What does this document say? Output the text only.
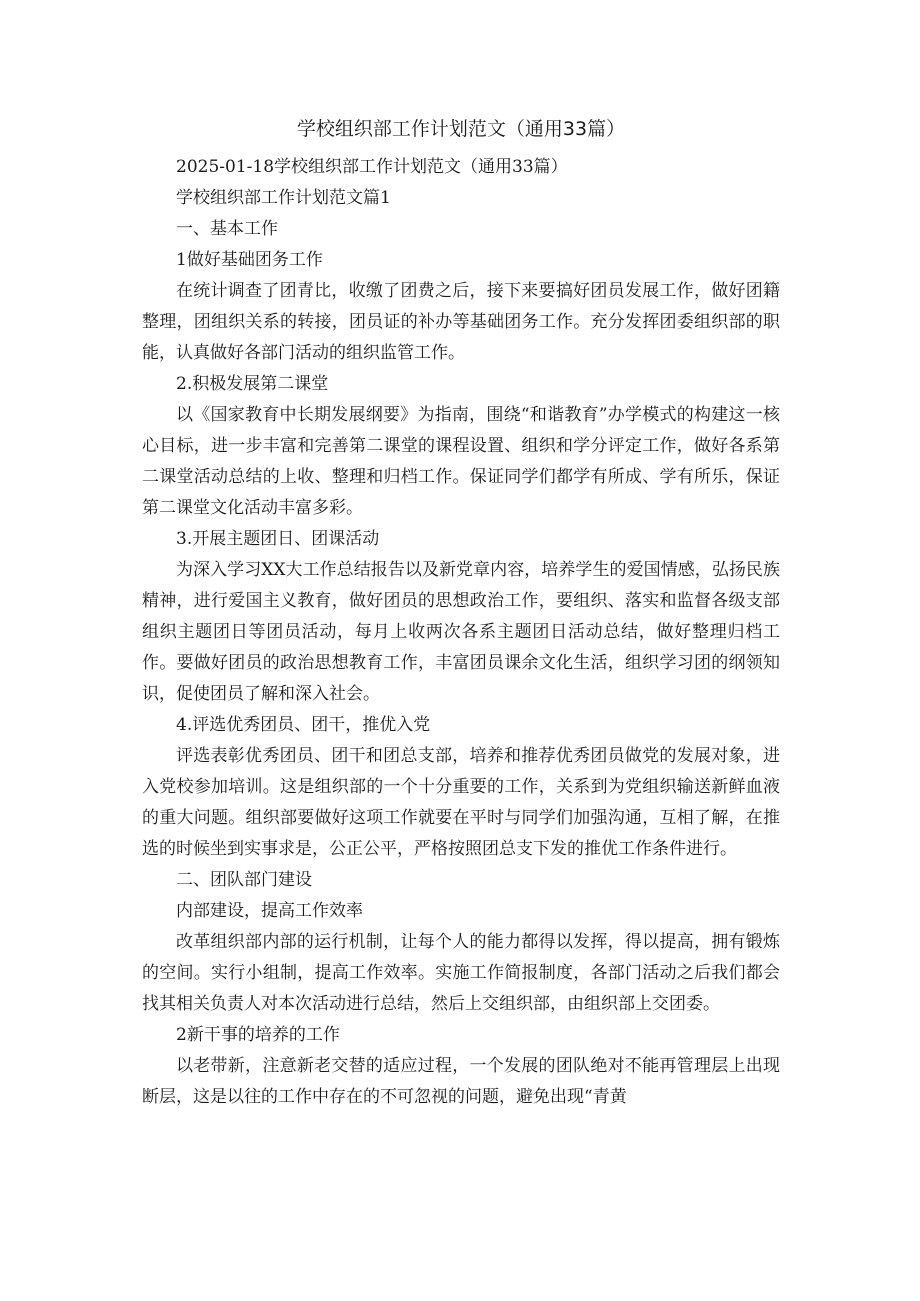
学校组织部工作计划范文（通用33篇）

2025-01-18学校组织部工作计划范文（通用33篇）

学校组织部工作计划范文篇1

一、基本工作

1做好基础团务工作

在统计调查了团青比，收缴了团费之后，接下来要搞好团员发展工作，做好团籍整理，团组织关系的转接，团员证的补办等基础团务工作。充分发挥团委组织部的职能，认真做好各部门活动的组织监管工作。

2.积极发展第二课堂

以《国家教育中长期发展纲要》为指南，围绕“和谐教育”办学模式的构建这一核心目标，进一步丰富和完善第二课堂的课程设置、组织和学分评定工作，做好各系第二课堂活动总结的上收、整理和归档工作。保证同学们都学有所成、学有所乐，保证第二课堂文化活动丰富多彩。

3.开展主题团日、团课活动

为深入学习XX大工作总结报告以及新党章内容，培养学生的爱国情感，弘扬民族精神，进行爱国主义教育，做好团员的思想政治工作，要组织、落实和监督各级支部组织主题团日等团员活动，每月上收两次各系主题团日活动总结，做好整理归档工作。要做好团员的政治思想教育工作，丰富团员课余文化生活，组织学习团的纲领知识，促使团员了解和深入社会。

4.评选优秀团员、团干，推优入党

评选表彰优秀团员、团干和团总支部，培养和推荐优秀团员做党的发展对象，进入党校参加培训。这是组织部的一个十分重要的工作，关系到为党组织输送新鲜血液的重大问题。组织部要做好这项工作就要在平时与同学们加强沟通，互相了解，在推选的时候坐到实事求是，公正公平，严格按照团总支下发的推优工作条件进行。

二、团队部门建设

内部建设，提高工作效率

改革组织部内部的运行机制，让每个人的能力都得以发挥，得以提高，拥有锻炼的空间。实行小组制，提高工作效率。实施工作简报制度，各部门活动之后我们都会找其相关负责人对本次活动进行总结，然后上交组织部，由组织部上交团委。

2新干事的培养的工作

以老带新，注意新老交替的适应过程，一个发展的团队绝对不能再管理层上出现断层，这是以往的工作中存在的不可忽视的问题，避免出现“青黄
